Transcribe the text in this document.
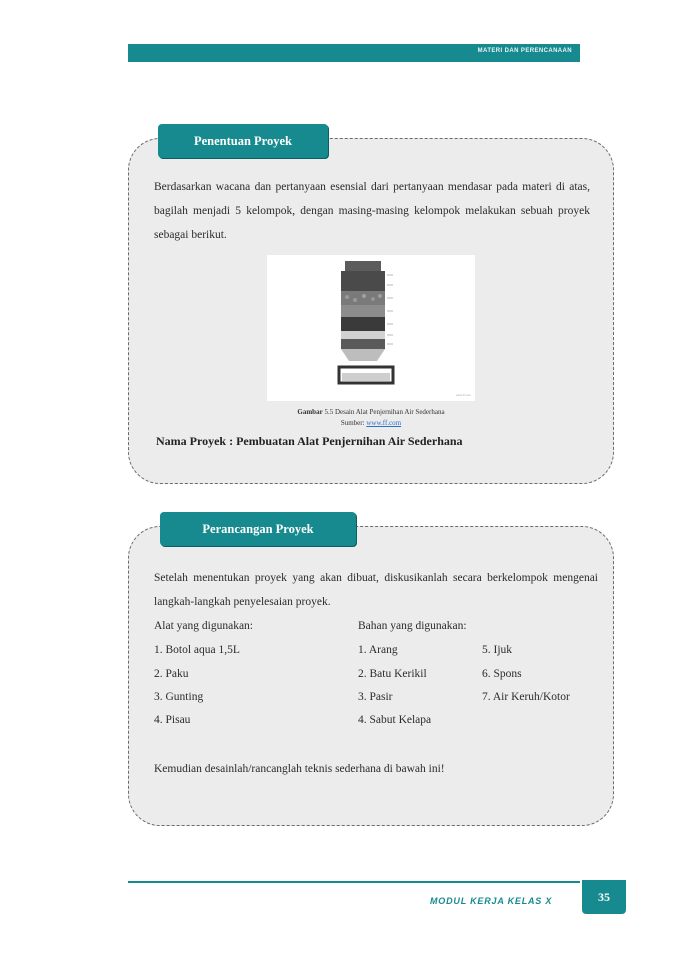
MATERI DAN PERENCANAAN
Penentuan Proyek

Berdasarkan wacana dan pertanyaan esensial dari pertanyaan mendasar pada materi di atas, bagilah menjadi 5 kelompok, dengan masing-masing kelompok melakukan sebuah proyek sebagai berikut.

www.ff.com
Gambar 5.5 Desain Alat Penjernihan Air Sederhana
Sumber: www.ff.com
Nama Proyek : Pembuatan Alat Penjernihan Air Sederhana
Perancangan Proyek

Setelah menentukan proyek yang akan dibuat, diskusikanlah secara berkelompok mengenai langkah-langkah penyelesaian proyek.

Alat yang digunakan:	Bahan yang digunakan:
1. Botol aqua 1,5L
2. Paku
3. Gunting
4. Pisau
1. Arang
2. Batu Kerikil
3. Pasir
4. Sabut Kelapa
5. Ijuk
6. Spons
7. Air Keruh/Kotor
Kemudian desainlah/rancanglah teknis sederhana di bawah ini!
MODUL KERJA KELAS X	35
